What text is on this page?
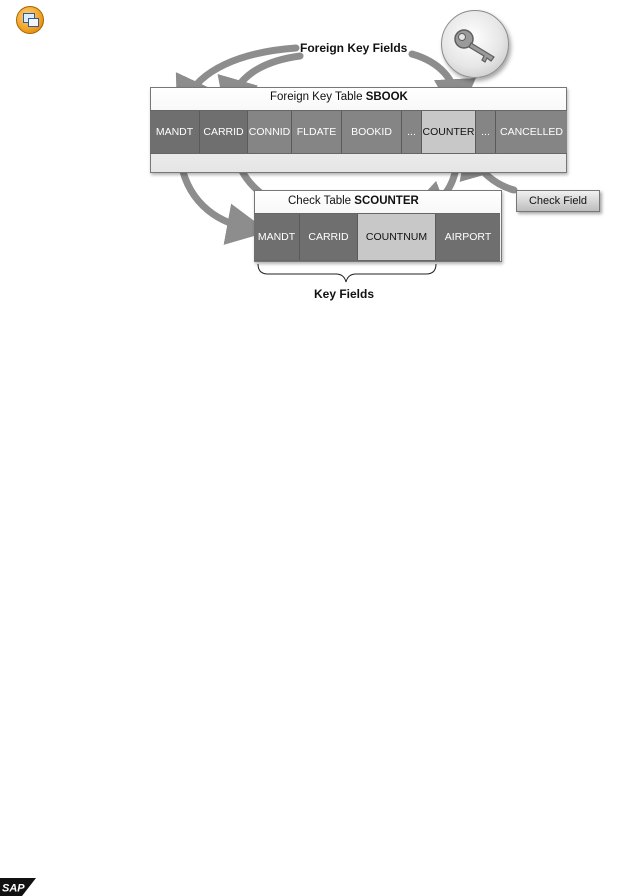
Foreign Key Fields
Foreign Key Table SBOOK
MANDT CARRID CONNID FLDATE	BOOKID	... COUNTER ... CANCELLED
Check Table SCOUNTER
MANDT	CARRID	COUNTNUM	AIRPORT
Key Fields
Check Field
SAP
